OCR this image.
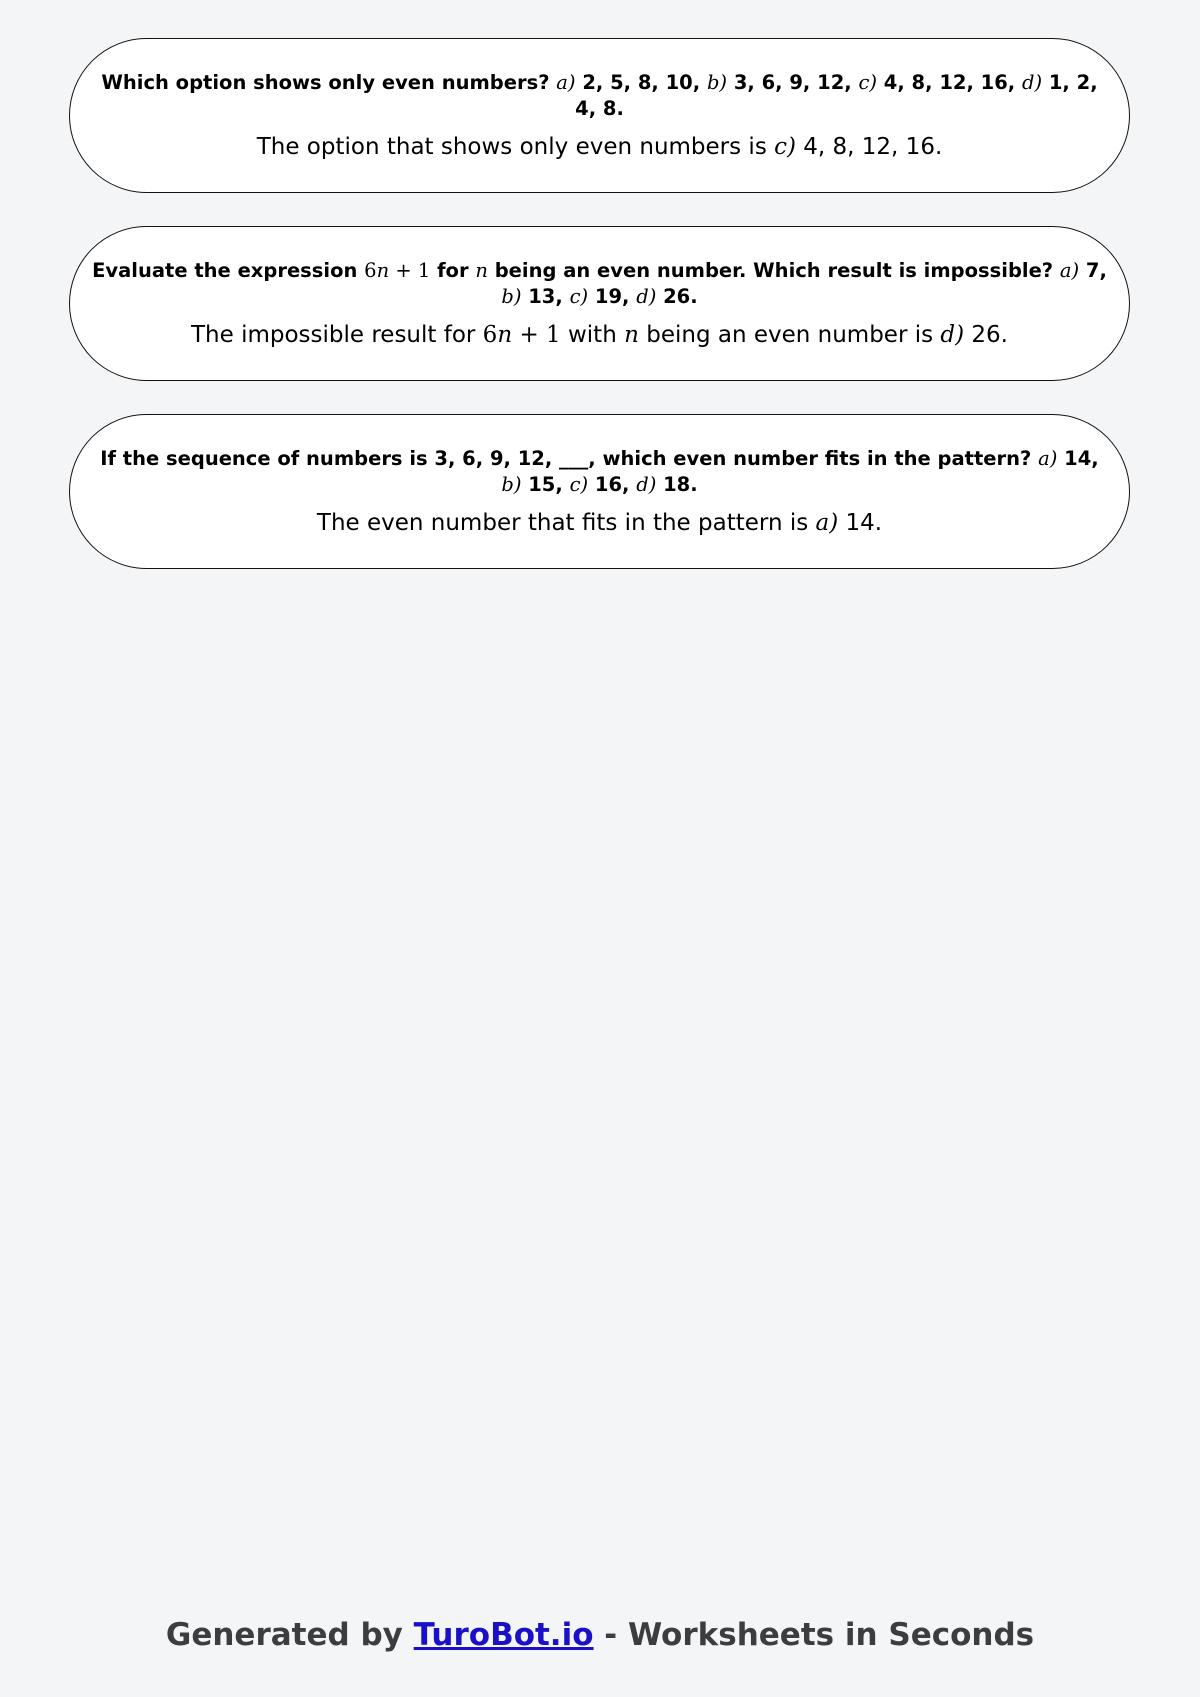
Which option shows only even numbers? a) 2, 5, 8, 10, b) 3, 6, 9, 12, c) 4, 8, 12, 16, d) 1, 2, 4, 8.

The option that shows only even numbers is c) 4, 8, 12, 16.

Evaluate the expression 6n + 1 for n being an even number. Which result is impossible? a) 7, b) 13, c) 19, d) 26.

The impossible result for 6n + 1 with n being an even number is d) 26.

If the sequence of numbers is 3, 6, 9, 12, ___, which even number fits in the pattern? a) 14, b) 15, c) 16, d) 18.

The even number that fits in the pattern is a) 14.

Generated by TuroBot.io - Worksheets in Seconds
